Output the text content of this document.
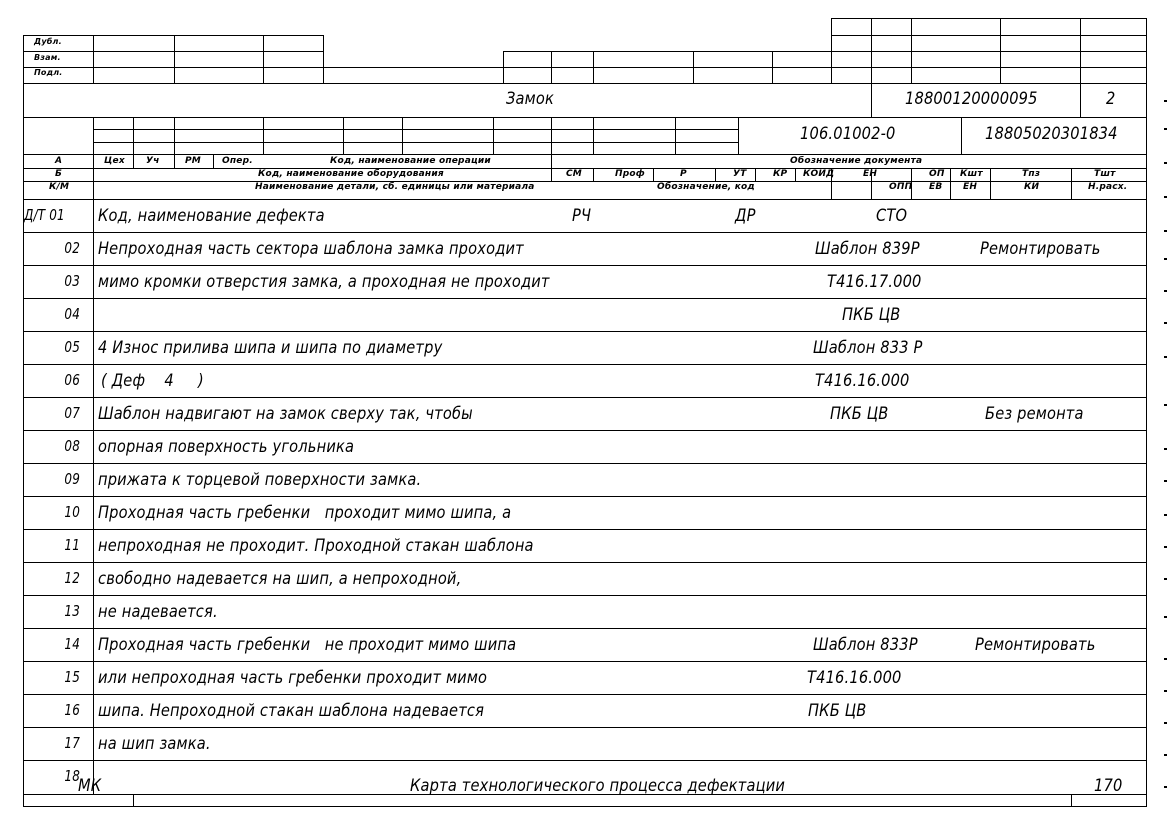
Дубл.
Взам.
Подл.
Замок	18800120000095	2
106.01002-0	18805020301834
А	Цех Уч	РМ Опер.	Код, наименование операции	Обозначение документа
Б	Код, наименование оборудования	СМ	Проф	Р	УТ	КР КОИД	ЕН	ОП Кшт	Тпз	Тшт
К/М	Наименование детали, сб. единицы или материала	Обозначение, код	ОПП ЕВ ЕН	КИ	Н.расх.
Д/Т 01	Код, наименование дефекта	РЧ	ДР	СТО
02 Непроходная часть сектора шаблона замка проходит	Шаблон 839Р	Ремонтировать
03 мимо кромки отверстия замка, а проходная не проходит	Т416.17.000
04	ПКБ ЦВ
05 4 Износ прилива шипа и шипа по диаметру	Шаблон 833 Р
06 ( Деф    4     )	Т416.16.000
07 Шаблон надвигают на замок сверху так, чтобы	ПКБ ЦВ	Без ремонта
08 опорная поверхность угольника
09 прижата к торцевой поверхности замка.
10 Проходная часть гребенки   проходит мимо шипа, а
11 непроходная не проходит. Проходной стакан шаблона
12 свободно надевается на шип, а непроходной,
13 не надевается.
14 Проходная часть гребенки   не проходит мимо шипа	Шаблон 833Р	Ремонтировать
15 или непроходная часть гребенки проходит мимо	Т416.16.000
16 шипа. Непроходной стакан шаблона надевается	ПКБ ЦВ
17 на шип замка.
18
МК	Карта технологического процесса дефектации	170
